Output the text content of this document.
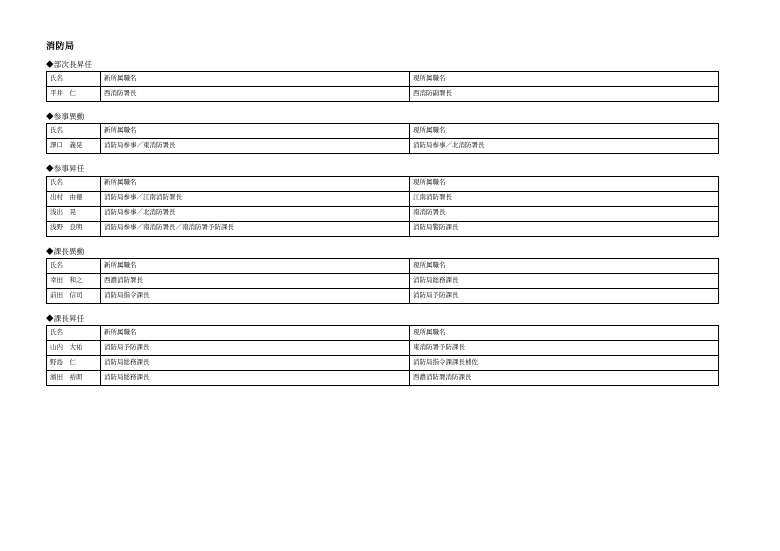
消防局
◆部次長昇任
氏名	新所属職名	現所属職名
平井　仁	西消防署長	西消防副署長
◆参事異動
氏名	新所属職名	現所属職名
澤口　義晃	消防局参事／東消防署長	消防局参事／北消防署長
◆参事昇任
氏名	新所属職名	現所属職名
出村　由徳	消防局参事／江南消防署長	江南消防署長
浅出　晃	消防局参事／北消防署長	南消防署長
浅野　良明	消防局参事／南消防署長／南消防署予防課長	消防局警防課長
◆課長異動
氏名	新所属職名	現所属職名
幸田　和之	西濃消防署長	消防局総務課長
前田　信司	消防局指令課長	消防局予防課長
◆課長昇任
氏名	新所属職名	現所属職名
山内　大祐	消防局予防課長	東消防署予防課長
野島　仁	消防局総務課長	消防局指令課課長補佐
濱田　裕朗	消防局総務課長	西濃消防署消防課長
